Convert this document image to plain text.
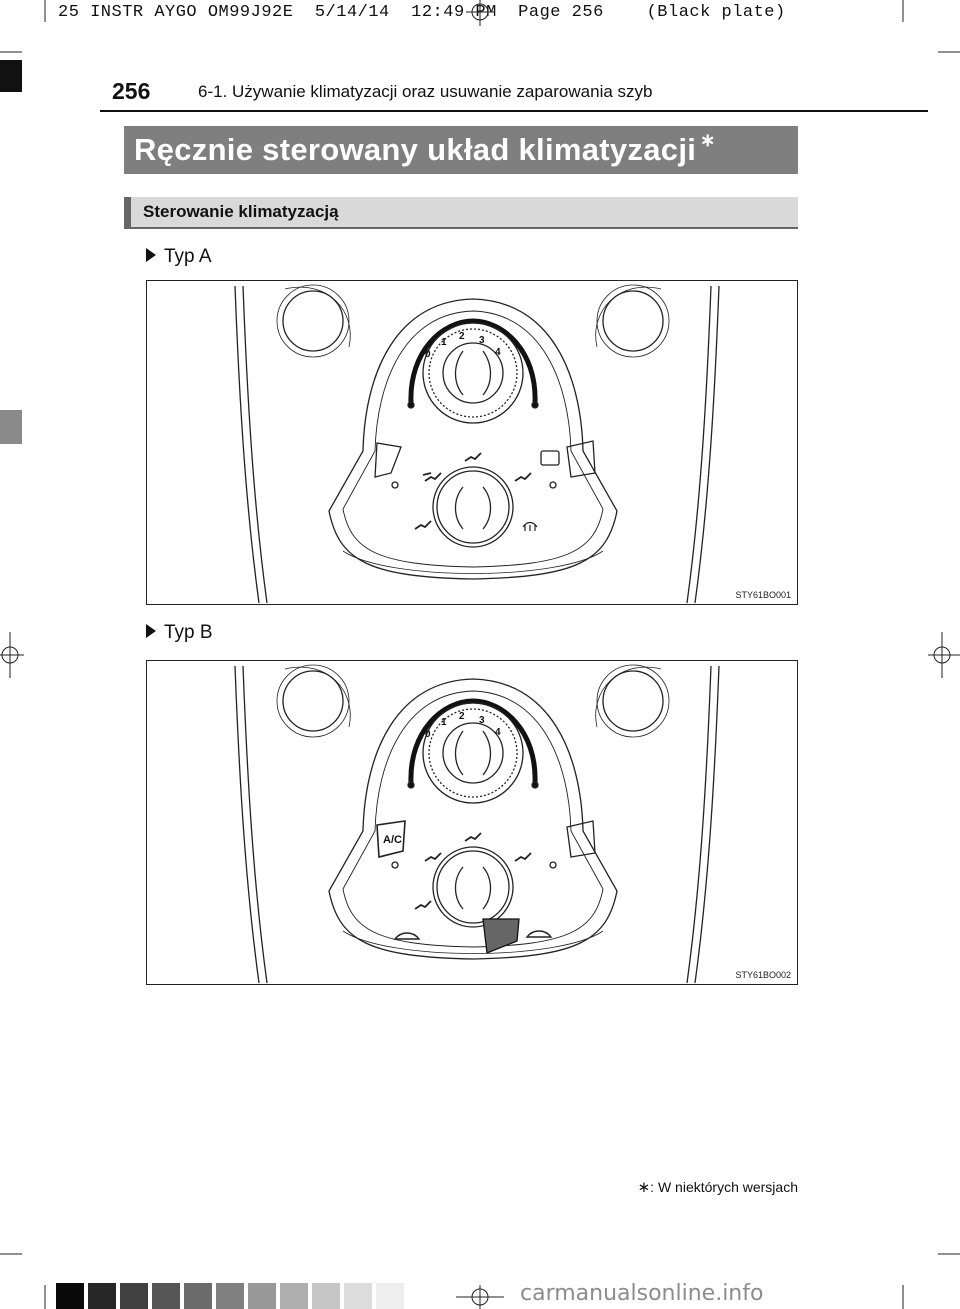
25 INSTR AYGO OM99J92E  5/14/14  12:49 PM  Page 256    (Black plate)
256	6-1. Używanie klimatyzacji oraz usuwanie zaparowania szyb
Ręcznie sterowany układ klimatyzacji ∗
Sterowanie klimatyzacją
Typ A
0
1
2 3
4
STY61BO001
Typ B
0
1
2 3
4
A/C
STY61BO002
∗: W niektórych wersjach
carmanualsonline.info
